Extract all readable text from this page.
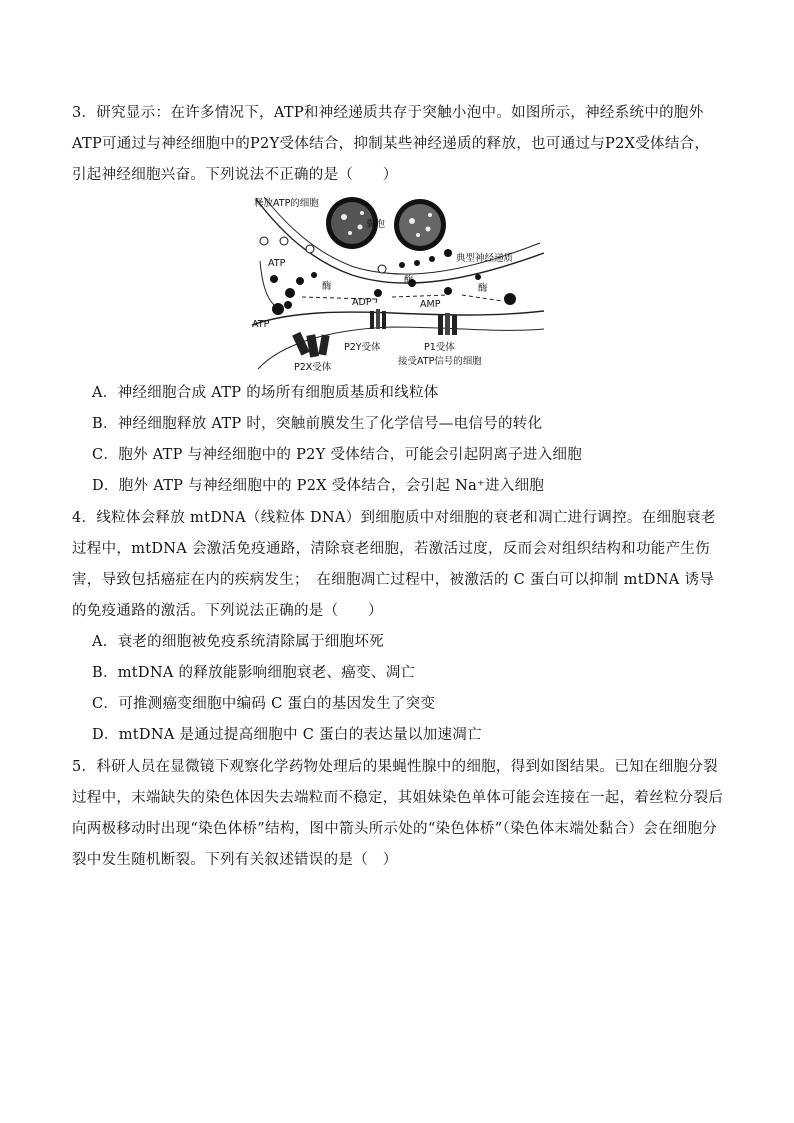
3．研究显示：在许多情况下，ATP和神经递质共存于突触小泡中。如图所示，神经系统中的胞外ATP可通过与神经细胞中的P2Y受体结合，抑制某些神经递质的释放，也可通过与P2X受体结合，引起神经细胞兴奋。下列说法不正确的是（　　）

释放ATP的细胞
囊泡
典型神经递质
ATP
酶
酶
酶
ADP	AMP
ATP
P2Y受体	P1受体
P2X受体
接受ATP信号的细胞

A．神经细胞合成 ATP 的场所有细胞质基质和线粒体

B．神经细胞释放 ATP 时，突触前膜发生了化学信号—电信号的转化

C．胞外 ATP 与神经细胞中的 P2Y 受体结合，可能会引起阴离子进入细胞

D．胞外 ATP 与神经细胞中的 P2X 受体结合，会引起 Na⁺进入细胞

4．线粒体会释放 mtDNA（线粒体 DNA）到细胞质中对细胞的衰老和凋亡进行调控。在细胞衰老过程中，mtDNA 会激活免疫通路，清除衰老细胞，若激活过度，反而会对组织结构和功能产生伤害，导致包括癌症在内的疾病发生；　在细胞凋亡过程中，被激活的 C 蛋白可以抑制 mtDNA 诱导的免疫通路的激活。下列说法正确的是（　　）

A．衰老的细胞被免疫系统清除属于细胞坏死

B．mtDNA 的释放能影响细胞衰老、癌变、凋亡

C．可推测癌变细胞中编码 C 蛋白的基因发生了突变

D．mtDNA 是通过提高细胞中 C 蛋白的表达量以加速凋亡

5．科研人员在显微镜下观察化学药物处理后的果蝇性腺中的细胞，得到如图结果。已知在细胞分裂过程中，末端缺失的染色体因失去端粒而不稳定，其姐妹染色单体可能会连接在一起，着丝粒分裂后向两极移动时出现“染色体桥”结构，图中箭头所示处的“染色体桥”（染色体末端处黏合）会在细胞分裂中发生随机断裂。下列有关叙述错误的是（　）
